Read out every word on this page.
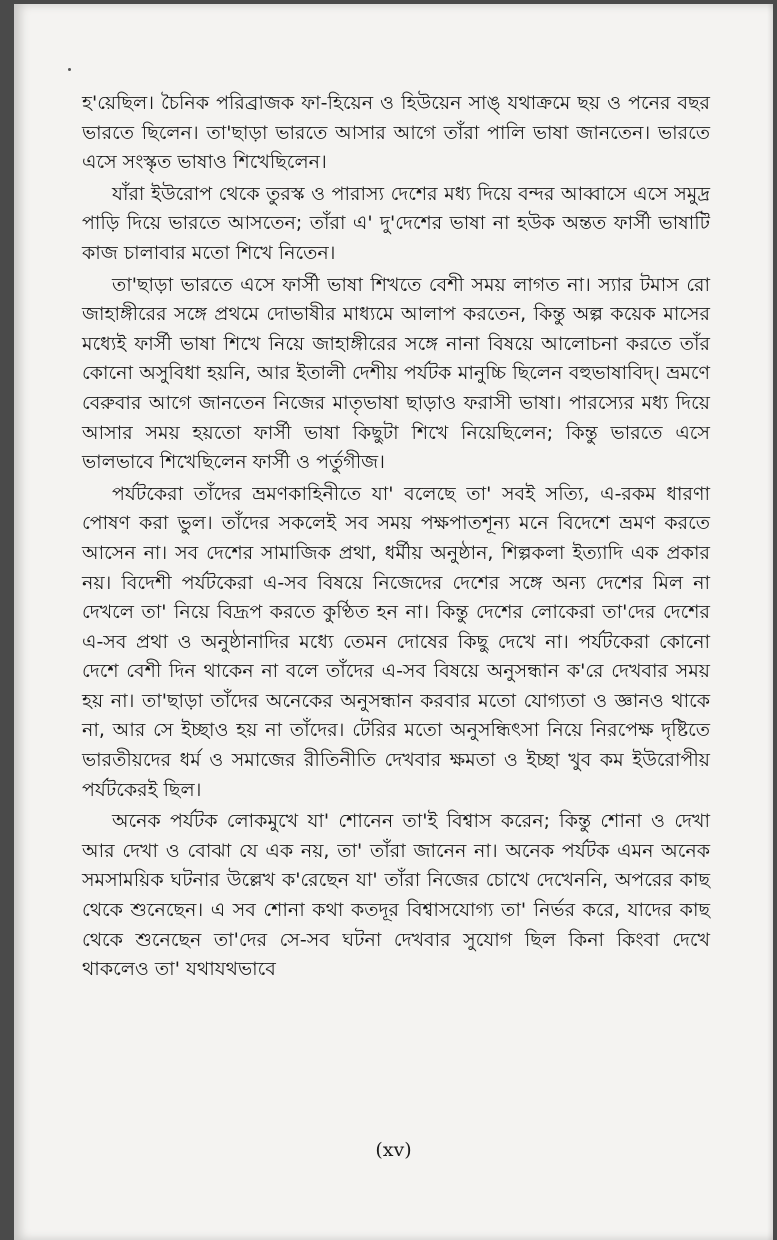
হ'য়েছিল। চৈনিক পরিব্রাজক ফা-হিয়েন ও হিউয়েন সাঙ্‌ যথাক্রমে ছয় ও পনের বছর ভারতে ছিলেন। তা'ছাড়া ভারতে আসার আগে তাঁরা পালি ভাষা জানতেন। ভারতে এসে সংস্কৃত ভাষাও শিখেছিলেন।

যাঁরা ইউরোপ থেকে তুরস্ক ও পারাস্য দেশের মধ্য দিয়ে বন্দর আব্বাসে এসে সমুদ্র পাড়ি দিয়ে ভারতে আসতেন; তাঁরা এ' দু'দেশের ভাষা না হউক অন্তত ফার্সী ভাষাটি কাজ চালাবার মতো শিখে নিতেন।

তা'ছাড়া ভারতে এসে ফার্সী ভাষা শিখতে বেশী সময় লাগত না। স্যার টমাস রো জাহাঙ্গীরের সঙ্গে প্রথমে দোভাষীর মাধ্যমে আলাপ করতেন, কিন্তু অল্প কয়েক মাসের মধ্যেই ফার্সী ভাষা শিখে নিয়ে জাহাঙ্গীরের সঙ্গে নানা বিষয়ে আলোচনা করতে তাঁর কোনো অসুবিধা হয়নি, আর ইতালী দেশীয় পর্যটক মানুচ্চি ছিলেন বহুভাষাবিদ্‌। ভ্রমণে বেরুবার আগে জানতেন নিজের মাতৃভাষা ছাড়াও ফরাসী ভাষা। পারস্যের মধ্য দিয়ে আসার সময় হয়তো ফার্সী ভাষা কিছুটা শিখে নিয়েছিলেন; কিন্তু ভারতে এসে ভালভাবে শিখেছিলেন ফার্সী ও পর্তুগীজ।

পর্যটকেরা তাঁদের ভ্রমণকাহিনীতে যা' বলেছে তা' সবই সত্যি, এ-রকম ধারণা পোষণ করা ভুল। তাঁদের সকলেই সব সময় পক্ষপাতশূন্য মনে বিদেশে ভ্রমণ করতে আসেন না। সব দেশের সামাজিক প্রথা, ধর্মীয় অনুষ্ঠান, শিল্পকলা ইত্যাদি এক প্রকার নয়। বিদেশী পর্যটকেরা এ-সব বিষয়ে নিজেদের দেশের সঙ্গে অন্য দেশের মিল না দেখলে তা' নিয়ে বিদ্রূপ করতে কুণ্ঠিত হন না। কিন্তু দেশের লোকেরা তা'দের দেশের এ-সব প্রথা ও অনুষ্ঠানাদির মধ্যে তেমন দোষের কিছু দেখে না। পর্যটকেরা কোনো দেশে বেশী দিন থাকেন না বলে তাঁদের এ-সব বিষয়ে অনুসন্ধান ক'রে দেখবার সময় হয় না। তা'ছাড়া তাঁদের অনেকের অনুসন্ধান করবার মতো যোগ্যতা ও জ্ঞানও থাকে না, আর সে ইচ্ছাও হয় না তাঁদের। টেরির মতো অনুসন্ধিৎসা নিয়ে নিরপেক্ষ দৃষ্টিতে ভারতীয়দের ধর্ম ও সমাজের রীতিনীতি দেখবার ক্ষমতা ও ইচ্ছা খুব কম ইউরোপীয় পর্যটকেরই ছিল।

অনেক পর্যটক লোকমুখে যা' শোনেন তা'ই বিশ্বাস করেন; কিন্তু শোনা ও দেখা আর দেখা ও বোঝা যে এক নয়, তা' তাঁরা জানেন না। অনেক পর্যটক এমন অনেক সমসাময়িক ঘটনার উল্লেখ ক'রেছেন যা' তাঁরা নিজের চোখে দেখেননি, অপরের কাছ থেকে শুনেছেন। এ সব শোনা কথা কতদূর বিশ্বাসযোগ্য তা' নির্ভর করে, যাদের কাছ থেকে শুনেছেন তা'দের সে-সব ঘটনা দেখবার সুযোগ ছিল কিনা কিংবা দেখে থাকলেও তা' যথাযথভাবে

(xv)
